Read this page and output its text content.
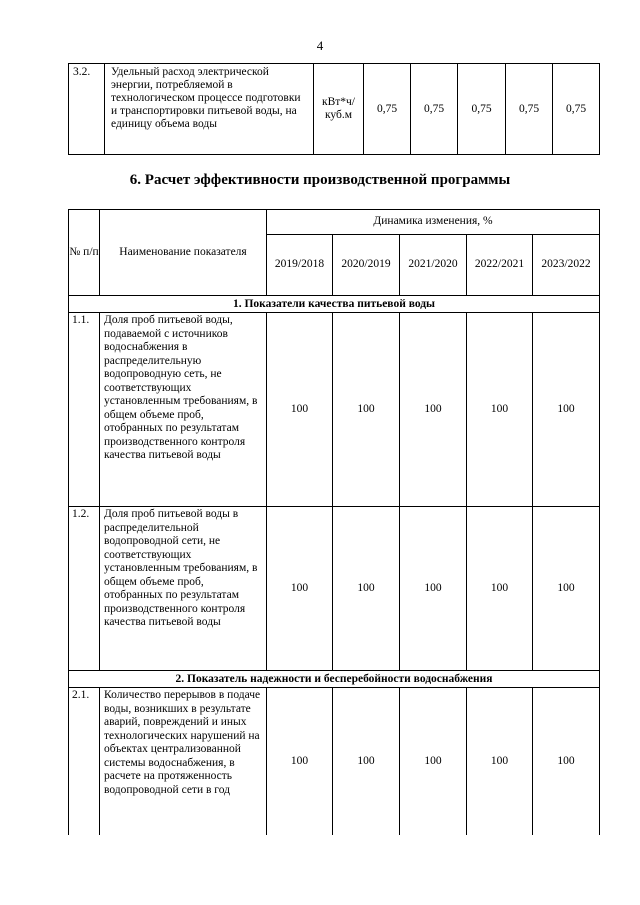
4
3.2.	Удельный расход электрической энергии, потребляемой в технологическом процессе подготовки и транспортировки питьевой воды, на единицу объема воды	кВт*ч/ куб.м	0,75	0,75	0,75	0,75	0,75
6. Расчет эффективности производственной программы
№ п/п	Наименование показателя	Динамика изменения, %				
		2019/2018	2020/2019	2021/2020	2022/2021	2023/2022
1. Показатели качества питьевой воды						
1.1.	Доля проб питьевой воды, подаваемой с источников водоснабжения в распределительную водопроводную сеть, не соответствующих установленным требованиям, в общем объеме проб, отобранных по результатам производственного контроля качества питьевой воды	100	100	100	100	100
1.2.	Доля проб питьевой воды в распределительной водопроводной сети, не соответствующих установленным требованиям, в общем объеме проб, отобранных по результатам производственного контроля качества питьевой воды	100	100	100	100	100
2. Показатель надежности и бесперебойности водоснабжения						
2.1.	Количество перерывов в подаче воды, возникших в результате аварий, повреждений и иных технологических нарушений на объектах централизованной системы водоснабжения, в расчете на протяженность водопроводной сети в год	100	100	100	100	100
